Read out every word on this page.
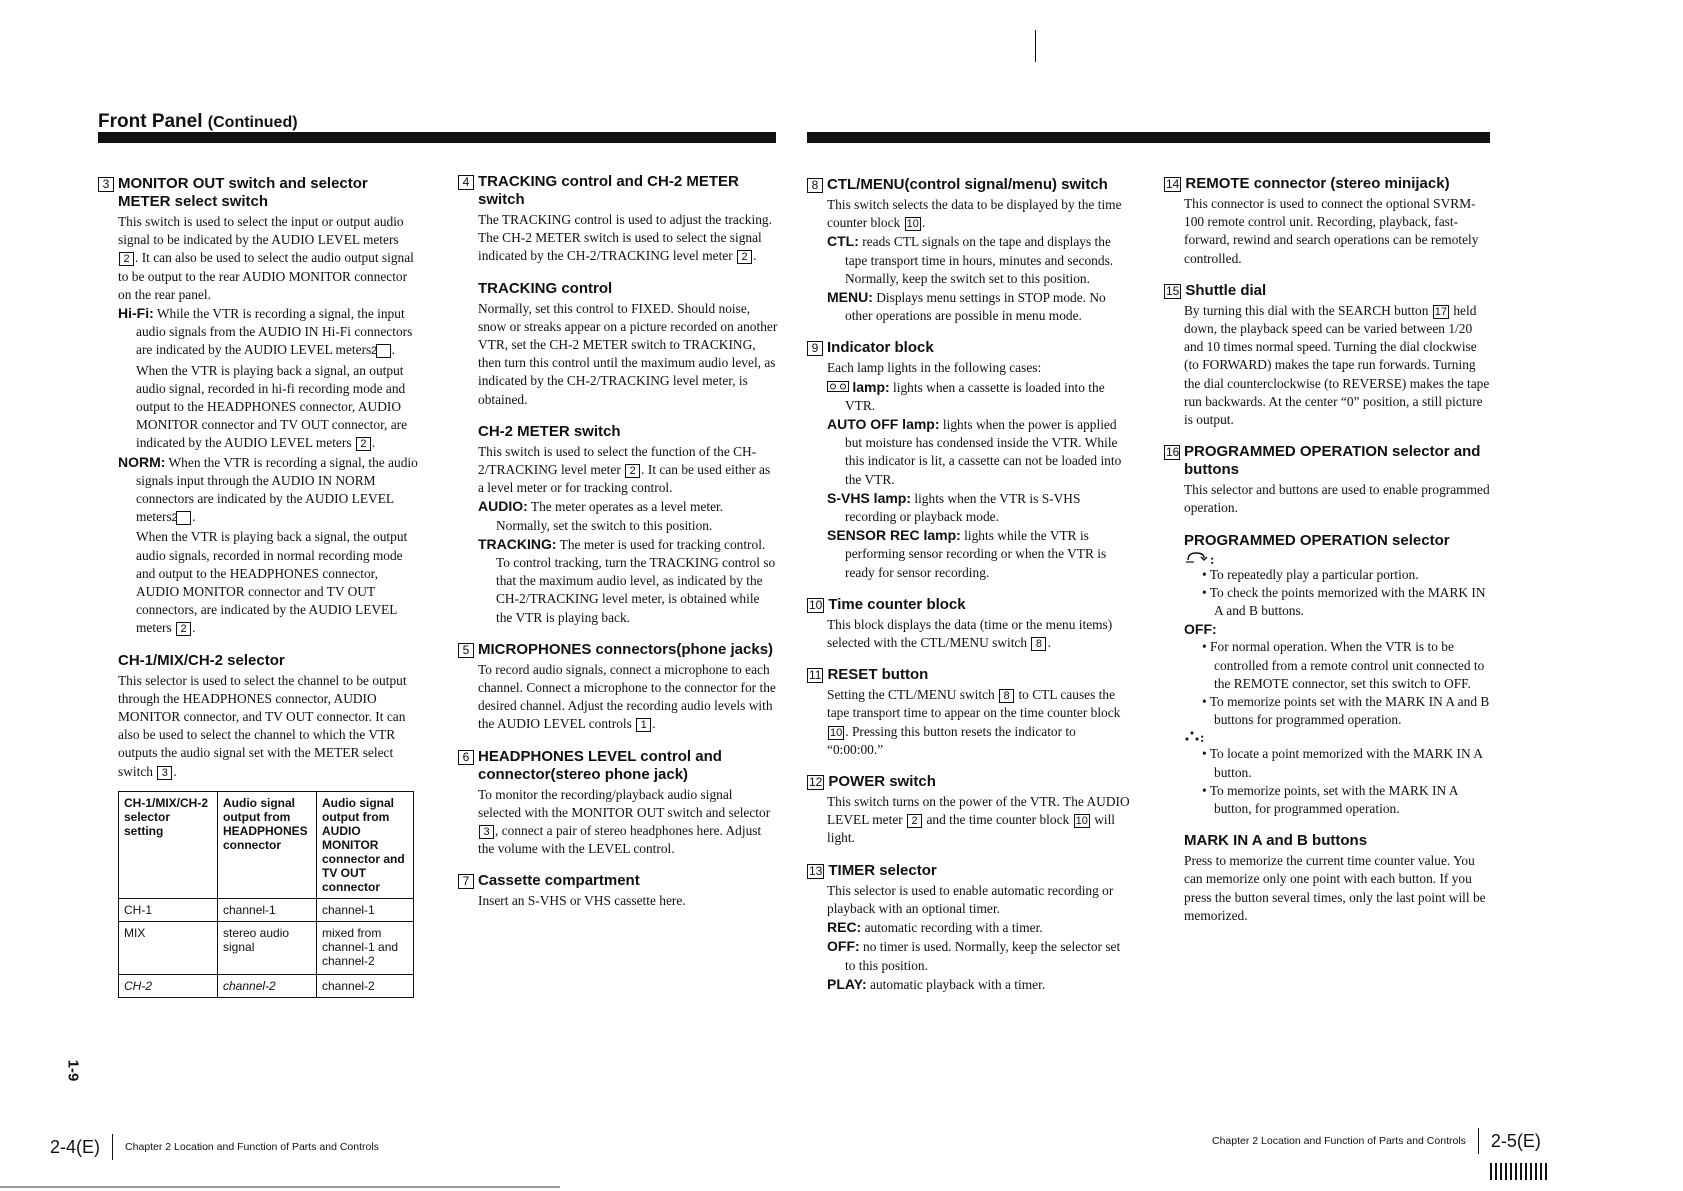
Front Panel (Continued)
3 MONITOR OUT switch and selector
METER select switch

This switch is used to select the input or output audio signal to be indicated by the AUDIO LEVEL meters 2 . It can also be used to select the audio output signal to be output to the rear AUDIO MONITOR connector on the rear panel.

Hi-Fi: While the VTR is recording a signal, the input audio signals from the AUDIO IN Hi-Fi connectors are indicated by the AUDIO LEVEL meters 2 .

When the VTR is playing back a signal, an output audio signal, recorded in hi-fi recording mode and output to the HEADPHONES connector, AUDIO MONITOR connector and TV OUT connector, are indicated by the AUDIO LEVEL meters 2 .

NORM: When the VTR is recording a signal, the audio signals input through the AUDIO IN NORM connectors are indicated by the AUDIO LEVEL meters 2 .

When the VTR is playing back a signal, the output audio signals, recorded in normal recording mode and output to the HEADPHONES connector, AUDIO MONITOR connector and TV OUT connectors, are indicated by the AUDIO LEVEL meters 2 .

CH-1/MIX/CH-2 selector

This selector is used to select the channel to be output through the HEADPHONES connector, AUDIO MONITOR connector, and TV OUT connector. It can also be used to select the channel to which the VTR outputs the audio signal set with the METER select switch 3 .

CH-1/MIX/CH-2 selector setting	Audio signal output from HEADPHONES connector	Audio signal output from AUDIO MONITOR connector and TV OUT connector
CH-1	channel-1	channel-1
MIX	stereo audio signal	mixed from channel-1 and channel-2
CH-2	channel-2	channel-2
4 TRACKING control and CH-2 METER switch

The TRACKING control is used to adjust the tracking. The CH-2 METER switch is used to select the signal indicated by the CH-2/TRACKING level meter 2 .

TRACKING control

Normally, set this control to FIXED. Should noise, snow or streaks appear on a picture recorded on another VTR, set the CH-2 METER switch to TRACKING, then turn this control until the maximum audio level, as indicated by the CH-2/TRACKING level meter, is obtained.

CH-2 METER switch

This switch is used to select the function of the CH-2/TRACKING level meter 2 . It can be used either as a level meter or for tracking control.

AUDIO: The meter operates as a level meter. Normally, set the switch to this position.

TRACKING: The meter is used for tracking control. To control tracking, turn the TRACKING control so that the maximum audio level, as indicated by the CH-2/TRACKING level meter, is obtained while the VTR is playing back.

5 MICROPHONES connectors(phone jacks)

To record audio signals, connect a microphone to each channel. Connect a microphone to the connector for the desired channel. Adjust the recording audio levels with the AUDIO LEVEL controls 1 .

6 HEADPHONES LEVEL control and connector(stereo phone jack)

To monitor the recording/playback audio signal selected with the MONITOR OUT switch and selector 3 , connect a pair of stereo headphones here. Adjust the volume with the LEVEL control.

7 Cassette compartment

Insert an S-VHS or VHS cassette here.

8 CTL/MENU(control signal/menu) switch

This switch selects the data to be displayed by the time counter block 10 .

CTL: reads CTL signals on the tape and displays the tape transport time in hours, minutes and seconds. Normally, keep the switch set to this position.

MENU: Displays menu settings in STOP mode. No other operations are possible in menu mode.

9 Indicator block

Each lamp lights in the following cases:

lamp: lights when a cassette is loaded into the VTR.

AUTO OFF lamp: lights when the power is applied but moisture has condensed inside the VTR. While this indicator is lit, a cassette can not be loaded into the VTR.

S-VHS lamp: lights when the VTR is S-VHS recording or playback mode.

SENSOR REC lamp: lights while the VTR is performing sensor recording or when the VTR is ready for sensor recording.

10 Time counter block

This block displays the data (time or the menu items) selected with the CTL/MENU switch 8 .

11 RESET button

Setting the CTL/MENU switch 8 to CTL causes the tape transport time to appear on the time counter block 10 . Pressing this button resets the indicator to “0:00:00.”

12 POWER switch

This switch turns on the power of the VTR. The AUDIO LEVEL meter 2 and the time counter block 10 will light.

13 TIMER selector

This selector is used to enable automatic recording or playback with an optional timer.

REC: automatic recording with a timer.

OFF: no timer is used. Normally, keep the selector set to this position.

PLAY: automatic playback with a timer.

14 REMOTE connector (stereo minijack)

This connector is used to connect the optional SVRM-100 remote control unit. Recording, playback, fast-forward, rewind and search operations can be remotely controlled.

15 Shuttle dial

By turning this dial with the SEARCH button 17 held down, the playback speed can be varied between 1/20 and 10 times normal speed. Turning the dial clockwise (to FORWARD) makes the tape run forwards. Turning the dial counterclockwise (to REVERSE) makes the tape run backwards. At the center “0” position, a still picture is output.

16 PROGRAMMED OPERATION selector and buttons

This selector and buttons are used to enable programmed operation.

PROGRAMMED OPERATION selector
:

• To repeatedly play a particular portion.

• To check the points memorized with the MARK IN A and B buttons.

OFF:

• For normal operation. When the VTR is to be controlled from a remote control unit connected to the REMOTE connector, set this switch to OFF.

• To memorize points set with the MARK IN A and B buttons for programmed operation.

:

• To locate a point memorized with the MARK IN A button.

• To memorize points, set with the MARK IN A button, for programmed operation.

MARK IN A and B buttons

Press to memorize the current time counter value. You can memorize only one point with each button. If you press the button several times, only the last point will be memorized.

2-4(E) Chapter 2 Location and Function of Parts and Controls	Chapter 2 Location and Function of Parts and Controls 2-5(E)
1-9
